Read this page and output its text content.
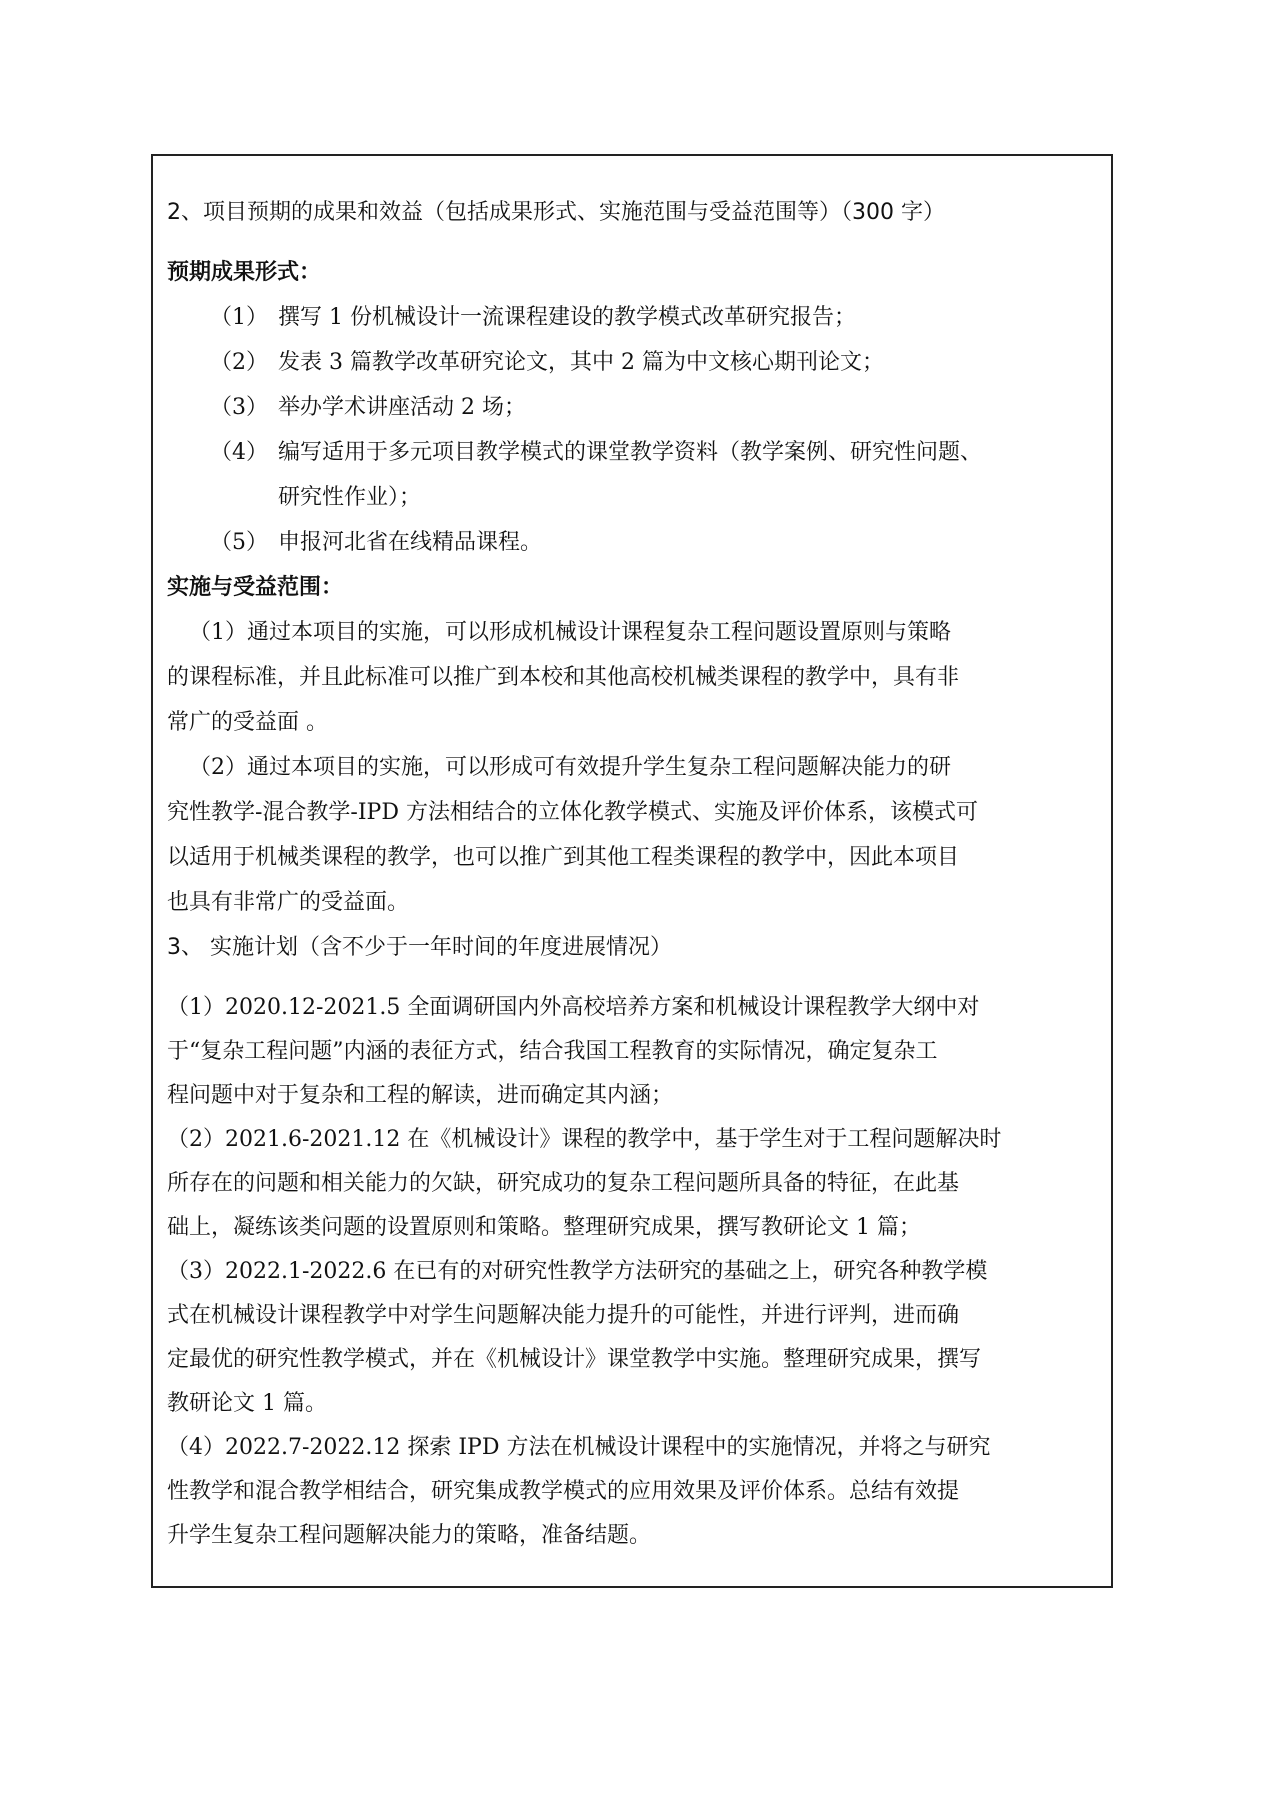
2、项目预期的成果和效益（包括成果形式、实施范围与受益范围等）（300 字）
预期成果形式：
（1） 撰写 1 份机械设计一流课程建设的教学模式改革研究报告；
（2） 发表 3 篇教学改革研究论文，其中 2 篇为中文核心期刊论文；
（3） 举办学术讲座活动 2 场；
（4） 编写适用于多元项目教学模式的课堂教学资料（教学案例、研究性问题、
研究性作业）；
（5） 申报河北省在线精品课程。
实施与受益范围：
（1）通过本项目的实施，可以形成机械设计课程复杂工程问题设置原则与策略
的课程标准，并且此标准可以推广到本校和其他高校机械类课程的教学中，具有非
常广的受益面 。
（2）通过本项目的实施，可以形成可有效提升学生复杂工程问题解决能力的研
究性教学-混合教学-IPD 方法相结合的立体化教学模式、实施及评价体系，该模式可
以适用于机械类课程的教学，也可以推广到其他工程类课程的教学中，因此本项目
也具有非常广的受益面。
3、 实施计划（含不少于一年时间的年度进展情况）
（1）2020.12-2021.5 全面调研国内外高校培养方案和机械设计课程教学大纲中对
于“复杂工程问题”内涵的表征方式，结合我国工程教育的实际情况，确定复杂工
程问题中对于复杂和工程的解读，进而确定其内涵；
（2）2021.6-2021.12 在《机械设计》课程的教学中，基于学生对于工程问题解决时
所存在的问题和相关能力的欠缺，研究成功的复杂工程问题所具备的特征，在此基
础上，凝练该类问题的设置原则和策略。整理研究成果，撰写教研论文 1 篇；
（3）2022.1-2022.6 在已有的对研究性教学方法研究的基础之上，研究各种教学模
式在机械设计课程教学中对学生问题解决能力提升的可能性，并进行评判，进而确
定最优的研究性教学模式，并在《机械设计》课堂教学中实施。整理研究成果，撰写
教研论文 1 篇。
（4）2022.7-2022.12 探索 IPD 方法在机械设计课程中的实施情况，并将之与研究
性教学和混合教学相结合，研究集成教学模式的应用效果及评价体系。总结有效提
升学生复杂工程问题解决能力的策略，准备结题。
